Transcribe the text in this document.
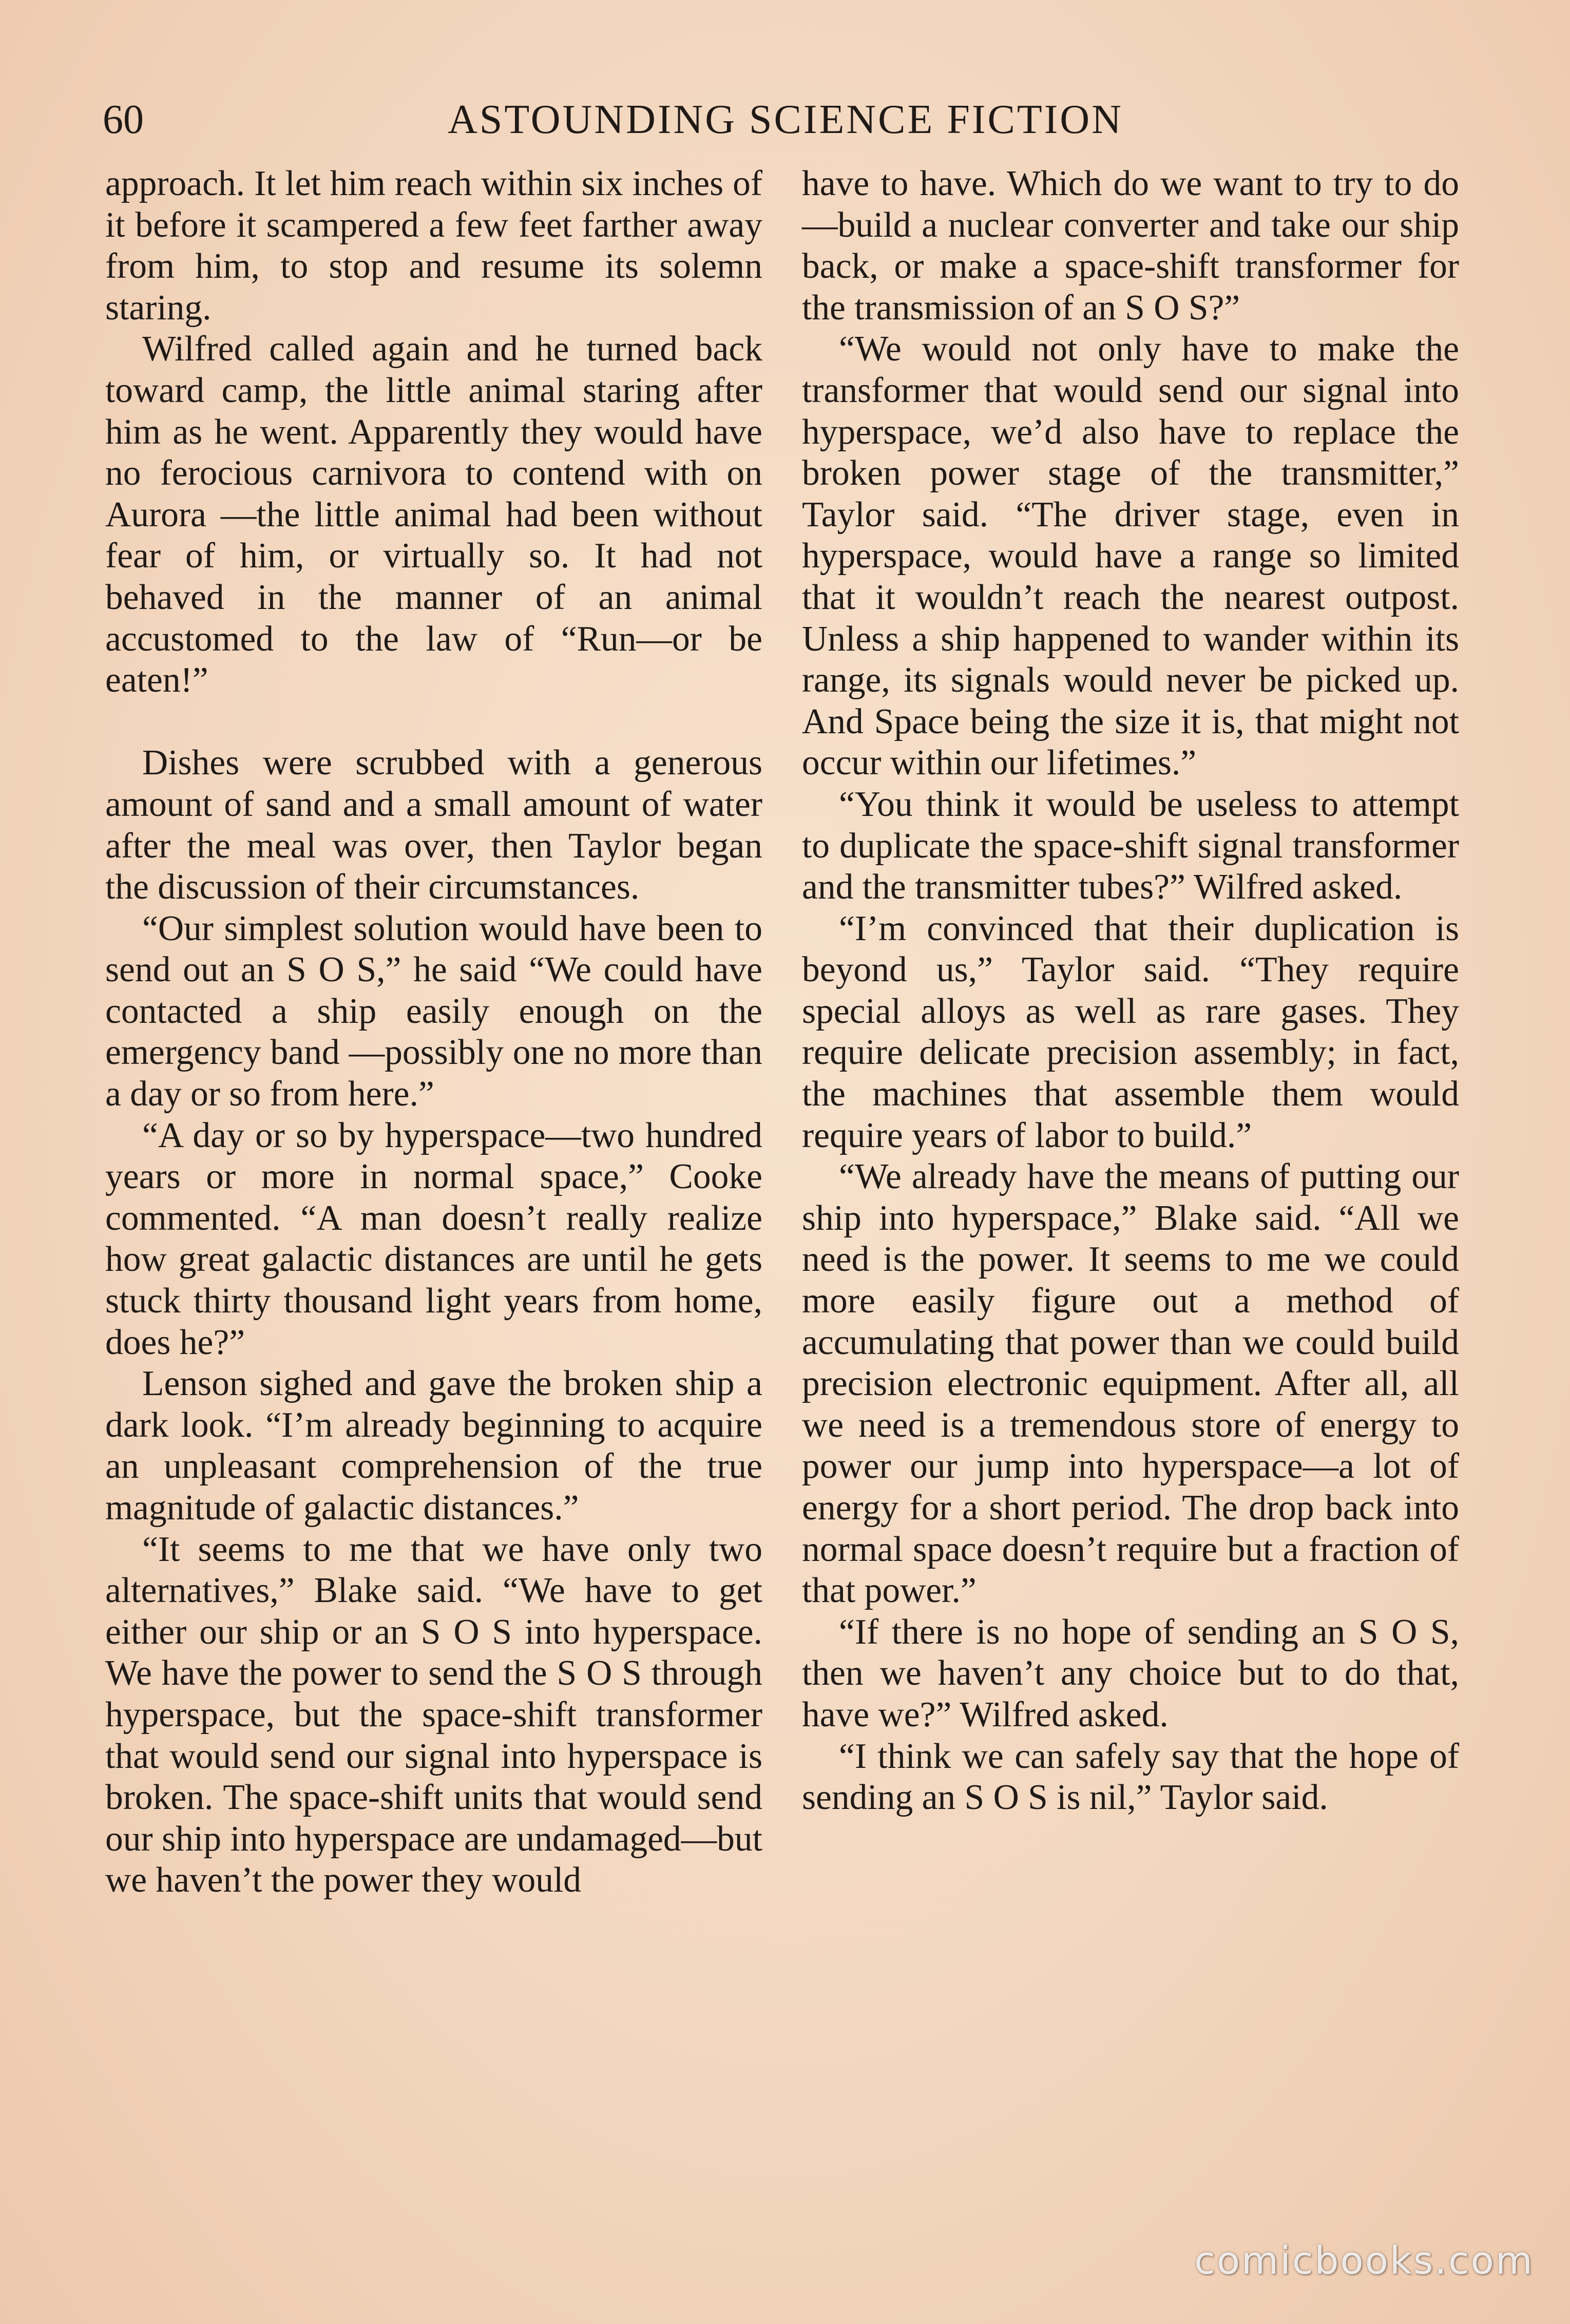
60	ASTOUNDING SCIENCE FICTION

approach. It let him reach within six inches of it before it scampered a few feet farther away from him, to stop and resume its solemn staring.

Wilfred called again and he turned back toward camp, the little animal staring after him as he went. Apparently they would have no ferocious carnivora to contend with on Aurora —the little animal had been without fear of him, or virtually so. It had not behaved in the manner of an animal accustomed to the law of “Run—or be eaten!”

Dishes were scrubbed with a generous amount of sand and a small amount of water after the meal was over, then Taylor began the discussion of their circumstances.

“Our simplest solution would have been to send out an S O S,” he said “We could have contacted a ship easily enough on the emergency band —possibly one no more than a day or so from here.”

“A day or so by hyperspace—two hundred years or more in normal space,” Cooke commented. “A man doesn’t really realize how great galactic distances are until he gets stuck thirty thousand light years from home, does he?”

Lenson sighed and gave the broken ship a dark look. “I’m already beginning to acquire an unpleasant comprehension of the true magnitude of galactic distances.”

“It seems to me that we have only two alternatives,” Blake said. “We have to get either our ship or an S O S into hyperspace. We have the power to send the S O S through hyperspace, but the space-shift transformer that would send our signal into hyperspace is broken. The space-shift units that would send our ship into hyperspace are undamaged—but we haven’t the power they would

have to have. Which do we want to try to do—build a nuclear converter and take our ship back, or make a space-shift transformer for the transmission of an S O S?”

“We would not only have to make the transformer that would send our signal into hyperspace, we’d also have to replace the broken power stage of the transmitter,” Taylor said. “The driver stage, even in hyperspace, would have a range so limited that it wouldn’t reach the nearest outpost. Unless a ship happened to wander within its range, its signals would never be picked up. And Space being the size it is, that might not occur within our lifetimes.”

“You think it would be useless to attempt to duplicate the space-shift signal transformer and the transmitter tubes?” Wilfred asked.

“I’m convinced that their duplication is beyond us,” Taylor said. “They require special alloys as well as rare gases. They require delicate precision assembly; in fact, the machines that assemble them would require years of labor to build.”

“We already have the means of putting our ship into hyperspace,” Blake said. “All we need is the power. It seems to me we could more easily figure out a method of accumulating that power than we could build precision electronic equipment. After all, all we need is a tremendous store of energy to power our jump into hyperspace—a lot of energy for a short period. The drop back into normal space doesn’t require but a fraction of that power.”

“If there is no hope of sending an S O S, then we haven’t any choice but to do that, have we?” Wilfred asked.

“I think we can safely say that the hope of sending an S O S is nil,” Taylor said.

comicbooks.com
